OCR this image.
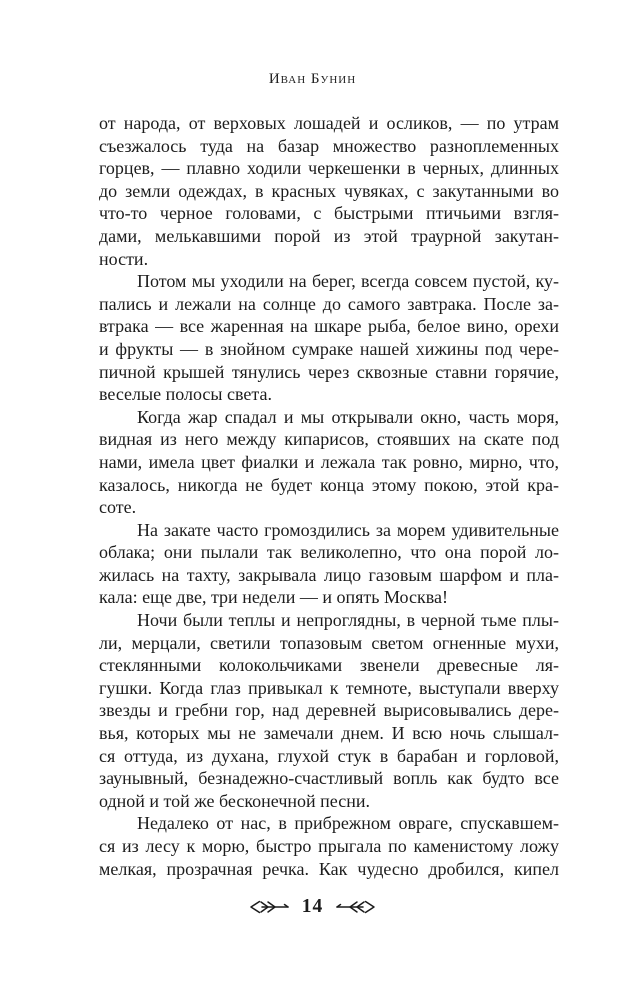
Иван Бунин
от народа, от верховых лошадей и осликов, — по утрам
съезжалось туда на базар множество разноплеменных
горцев, — плавно ходили черкешенки в черных, длинных
до земли одеждах, в красных чувяках, с закутанными во
что-то черное головами, с быстрыми птичьими взгля-
дами, мелькавшими порой из этой траурной закутан-
ности.
Потом мы уходили на берег, всегда совсем пустой, ку-
пались и лежали на солнце до самого завтрака. После за-
втрака — все жаренная на шкаре рыба, белое вино, орехи
и фрукты — в знойном сумраке нашей хижины под чере-
пичной крышей тянулись через сквозные ставни горячие,
веселые полосы света.
Когда жар спадал и мы открывали окно, часть моря,
видная из него между кипарисов, стоявших на скате под
нами, имела цвет фиалки и лежала так ровно, мирно, что,
казалось, никогда не будет конца этому покою, этой кра-
соте.
На закате часто громоздились за морем удивительные
облака; они пылали так великолепно, что она порой ло-
жилась на тахту, закрывала лицо газовым шарфом и пла-
кала: еще две, три недели — и опять Москва!
Ночи были теплы и непроглядны, в черной тьме плы-
ли, мерцали, светили топазовым светом огненные мухи,
стеклянными колокольчиками звенели древесные ля-
гушки. Когда глаз привыкал к темноте, выступали вверху
звезды и гребни гор, над деревней вырисовывались дере-
вья, которых мы не замечали днем. И всю ночь слышал-
ся оттуда, из духана, глухой стук в барабан и горловой,
заунывный, безнадежно-счастливый вопль как будто все
одной и той же бесконечной песни.
Недалеко от нас, в прибрежном овраге, спускавшем-
ся из лесу к морю, быстро прыгала по каменистому ложу
мелкая, прозрачная речка. Как чудесно дробился, кипел
14
